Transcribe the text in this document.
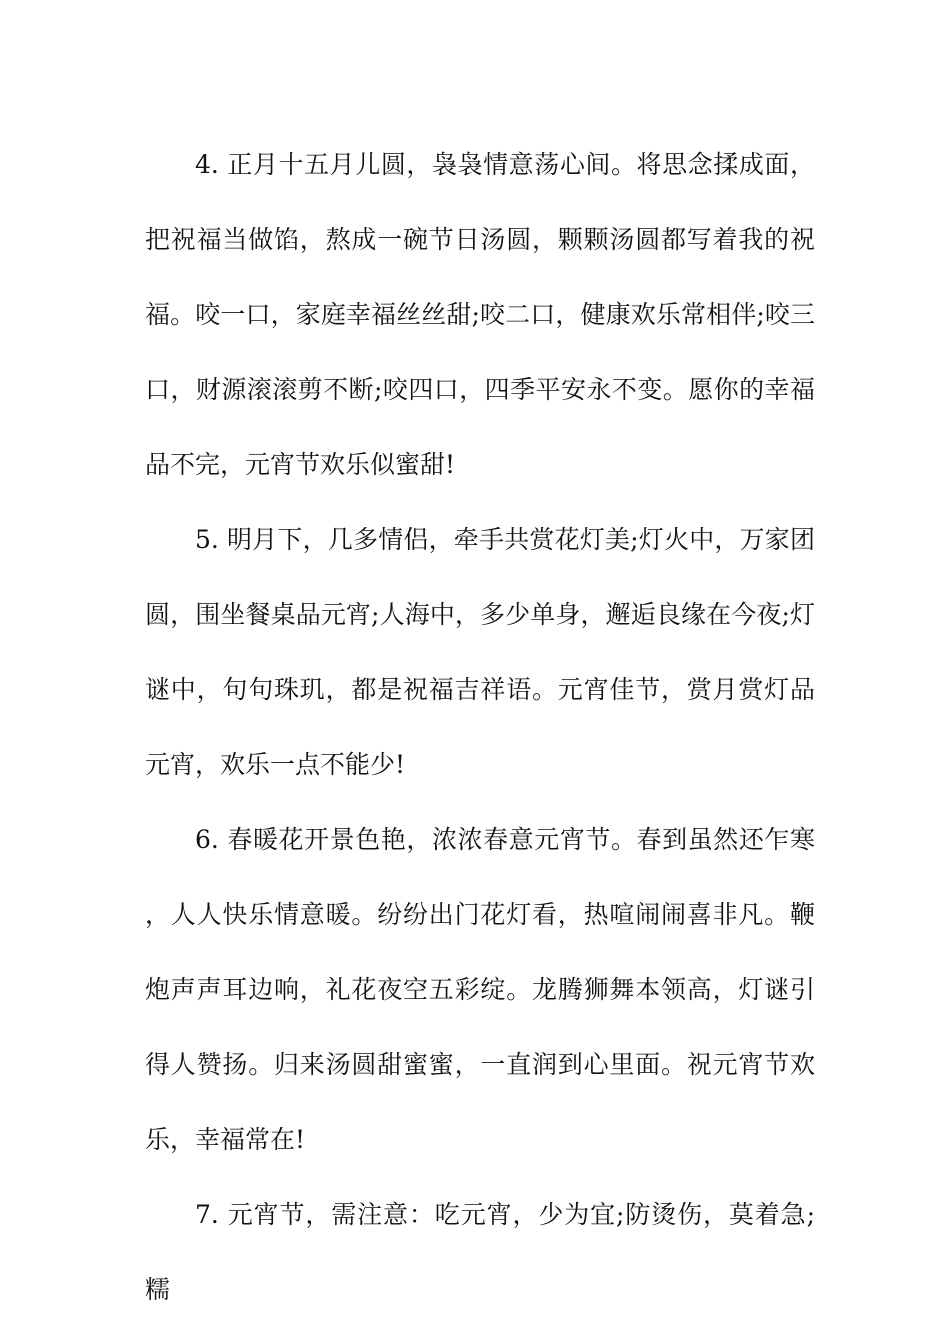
4. 正月十五月儿圆，袅袅情意荡心间。将思念揉成面，把祝福当做馅，熬成一碗节日汤圆，颗颗汤圆都写着我的祝福。咬一口，家庭幸福丝丝甜;咬二口，健康欢乐常相伴;咬三口，财源滚滚剪不断;咬四口，四季平安永不变。愿你的幸福品不完，元宵节欢乐似蜜甜!

5. 明月下，几多情侣，牵手共赏花灯美;灯火中，万家团圆，围坐餐桌品元宵;人海中，多少单身，邂逅良缘在今夜;灯谜中，句句珠玑，都是祝福吉祥语。元宵佳节，赏月赏灯品元宵，欢乐一点不能少!

6. 春暖花开景色艳，浓浓春意元宵节。春到虽然还乍寒，人人快乐情意暖。纷纷出门花灯看，热喧闹闹喜非凡。鞭炮声声耳边响，礼花夜空五彩绽。龙腾狮舞本领高，灯谜引得人赞扬。归来汤圆甜蜜蜜，一直润到心里面。祝元宵节欢乐，幸福常在!

7. 元宵节，需注意：吃元宵，少为宜;防烫伤，莫着急;糯
